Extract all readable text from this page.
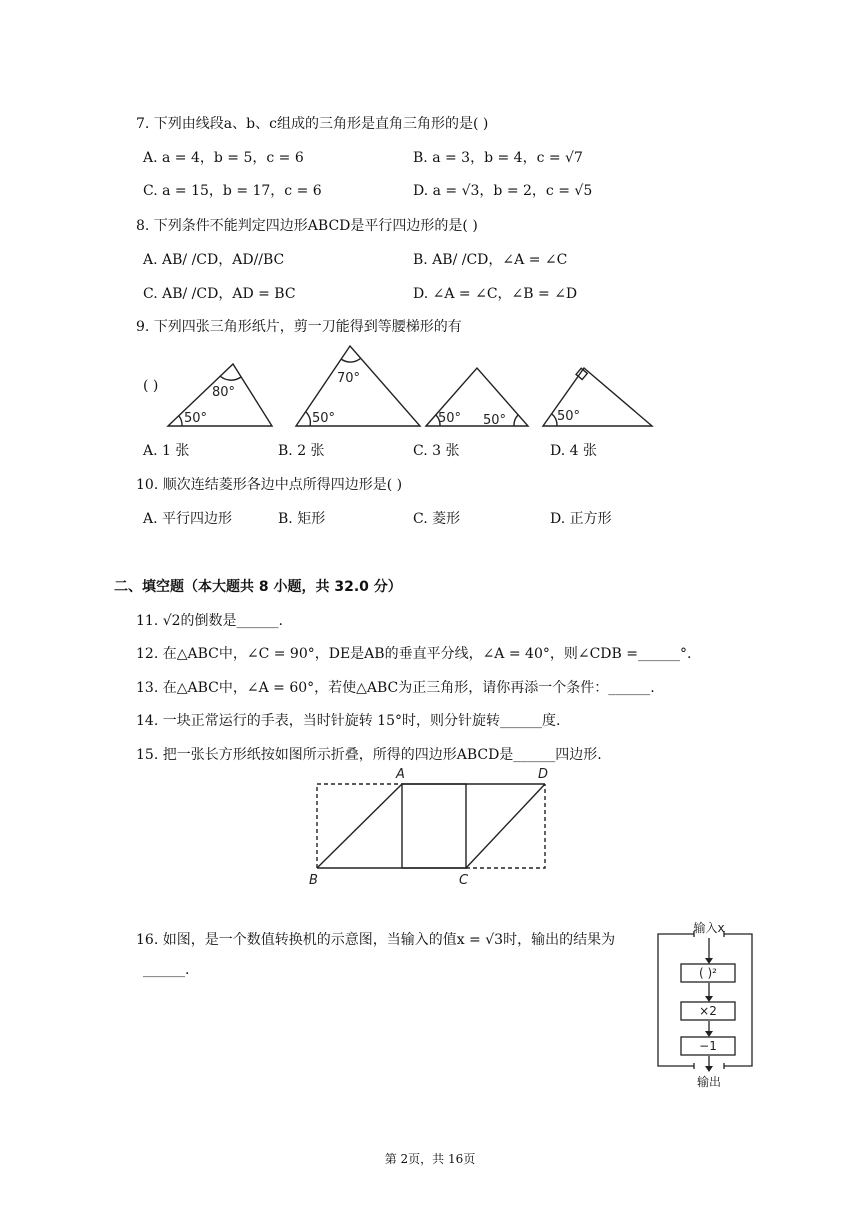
7. 下列由线段a、b、c组成的三角形是直角三角形的是( )
A. a = 4，b = 5，c = 6	B. a = 3，b = 4，c = √7
C. a = 15，b = 17，c = 6	D. a = √3，b = 2，c = √5
8. 下列条件不能判定四边形ABCD是平行四边形的是( )
A. AB/ /CD，AD//BC	B. AB/ /CD，∠A = ∠C
C. AB/ /CD，AD = BC	D. ∠A = ∠C，∠B = ∠D
9. 下列四张三角形纸片，剪一刀能得到等腰梯形的有
( )	80°
50°
70°
50°	50° 50°	50°
A. 1 张	B. 2 张	C. 3 张	D. 4 张
10. 顺次连结菱形各边中点所得四边形是( )
A. 平行四边形	B. 矩形	C. 菱形	D. 正方形
二、填空题（本大题共 8 小题，共 32.0 分）
11. √2的倒数是______.
12. 在△ABC中，∠C = 90°，DE是AB的垂直平分线，∠A = 40°，则∠CDB =______°.
13. 在△ABC中，∠A = 60°，若使△ABC为正三角形，请你再添一个条件：______.
14. 一块正常运行的手表，当时针旋转 15°时，则分针旋转______度.
15. 把一张长方形纸按如图所示折叠，所得的四边形ABCD是______四边形.
A	D
B	C
16. 如图，是一个数值转换机的示意图，当输入的值x = √3时，输出的结果为
______.
输入x
( )²
×2
−1
输出
第 2页，共 16页
